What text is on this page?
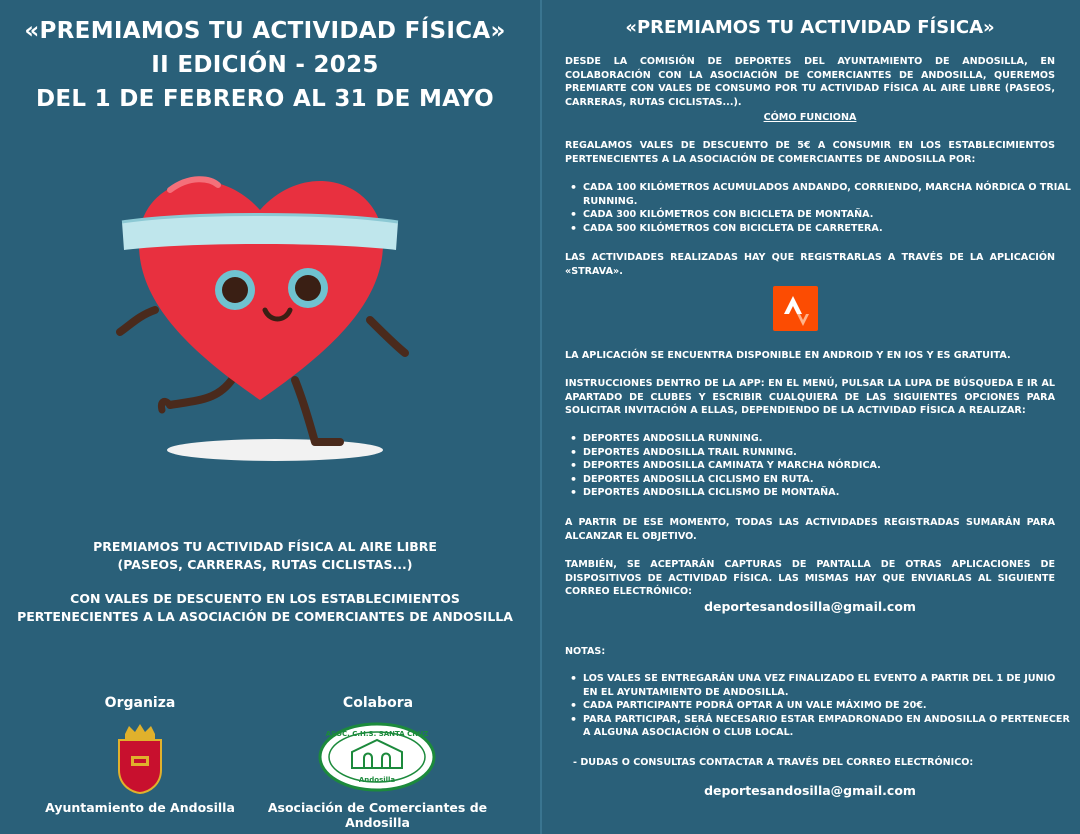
«PREMIAMOS TU ACTIVIDAD FÍSICA»
II EDICIÓN - 2025
DEL 1 DE FEBRERO AL 31 DE MAYO
PREMIAMOS TU ACTIVIDAD FÍSICA AL AIRE LIBRE
(PASEOS, CARRERAS, RUTAS CICLISTAS...)
CON VALES DE DESCUENTO EN LOS ESTABLECIMIENTOS
PERTENECIENTES A LA ASOCIACIÓN DE COMERCIANTES DE ANDOSILLA
Organiza	Colabora
ASOC. C.H.S. SANTA CRUZ
Andosilla
Ayuntamiento de Andosilla	Asociación de Comerciantes de Andosilla
«PREMIAMOS TU ACTIVIDAD FÍSICA»
DESDE LA COMISIÓN DE DEPORTES DEL AYUNTAMIENTO DE ANDOSILLA, EN COLABORACIÓN CON LA ASOCIACIÓN DE COMERCIANTES DE ANDOSILLA, QUEREMOS PREMIARTE CON VALES DE CONSUMO POR TU ACTIVIDAD FÍSICA AL AIRE LIBRE (PASEOS, CARRERAS, RUTAS CICLISTAS...).
CÓMO FUNCIONA
REGALAMOS VALES DE DESCUENTO DE 5€ A CONSUMIR EN LOS ESTABLECIMIENTOS PERTENECIENTES A LA ASOCIACIÓN DE COMERCIANTES DE ANDOSILLA POR:
• CADA 100 KILÓMETROS ACUMULADOS ANDANDO, CORRIENDO, MARCHA NÓRDICA O TRIAL RUNNING.
• CADA 300 KILÓMETROS CON BICICLETA DE MONTAÑA.
• CADA 500 KILÓMETROS CON BICICLETA DE CARRETERA.
LAS ACTIVIDADES REALIZADAS HAY QUE REGISTRARLAS A TRAVÉS DE LA APLICACIÓN «STRAVA».
LA APLICACIÓN SE ENCUENTRA DISPONIBLE EN ANDROID Y EN IOS Y ES GRATUITA.
INSTRUCCIONES DENTRO DE LA APP: EN EL MENÚ, PULSAR LA LUPA DE BÚSQUEDA E IR AL APARTADO DE CLUBES Y ESCRIBIR CUALQUIERA DE LAS SIGUIENTES OPCIONES PARA SOLICITAR INVITACIÓN A ELLAS, DEPENDIENDO DE LA ACTIVIDAD FÍSICA A REALIZAR:
• DEPORTES ANDOSILLA RUNNING.
• DEPORTES ANDOSILLA TRAIL RUNNING.
• DEPORTES ANDOSILLA CAMINATA Y MARCHA NÓRDICA.
• DEPORTES ANDOSILLA CICLISMO EN RUTA.
• DEPORTES ANDOSILLA CICLISMO DE MONTAÑA.
A PARTIR DE ESE MOMENTO, TODAS LAS ACTIVIDADES REGISTRADAS SUMARÁN PARA ALCANZAR EL OBJETIVO.
TAMBIÉN, SE ACEPTARÁN CAPTURAS DE PANTALLA DE OTRAS APLICACIONES DE DISPOSITIVOS DE ACTIVIDAD FÍSICA. LAS MISMAS HAY QUE ENVIARLAS AL SIGUIENTE CORREO ELECTRÓNICO:
deportesandosilla@gmail.com
NOTAS:
• LOS VALES SE ENTREGARÁN UNA VEZ FINALIZADO EL EVENTO A PARTIR DEL 1 DE JUNIO EN EL AYUNTAMIENTO DE ANDOSILLA.
• CADA PARTICIPANTE PODRÁ OPTAR A UN VALE MÁXIMO DE 20€.
• PARA PARTICIPAR, SERÁ NECESARIO ESTAR EMPADRONADO EN ANDOSILLA O PERTENECER A ALGUNA ASOCIACIÓN O CLUB LOCAL.
- DUDAS O CONSULTAS CONTACTAR A TRAVÉS DEL CORREO ELECTRÓNICO:
deportesandosilla@gmail.com
